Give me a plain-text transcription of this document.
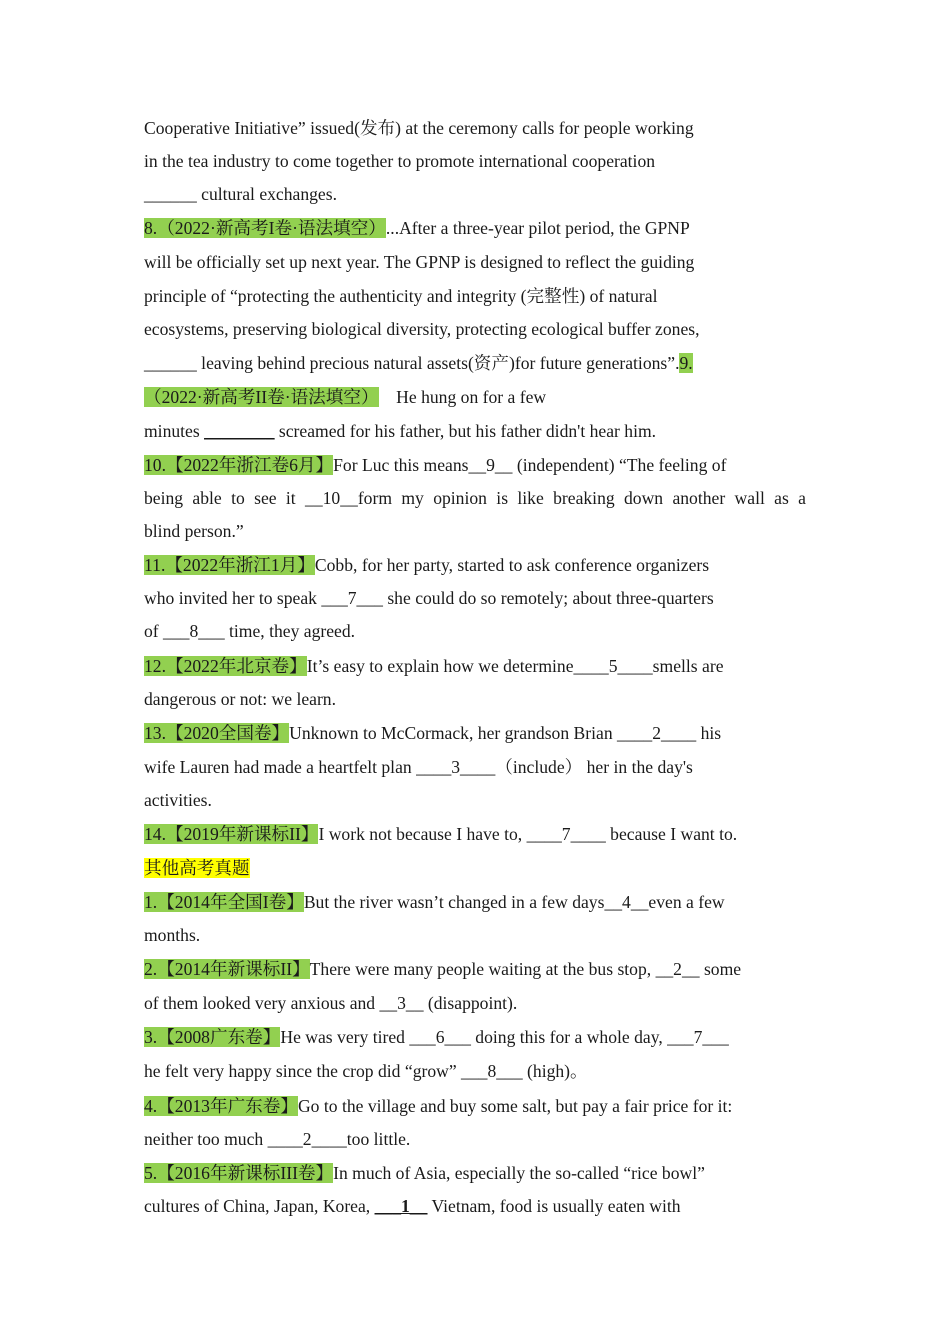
Cooperative Initiative” issued(发布) at the ceremony calls for people working
in the tea industry to come together to promote international cooperation
______ cultural exchanges.
8.（2022·新高考I卷·语法填空）...After a three-year pilot period, the GPNP
will be officially set up next year. The GPNP is designed to reflect the guiding
principle of “protecting the authenticity and integrity (完整性) of natural
ecosystems, preserving biological diversity, protecting ecological buffer zones,
______ leaving behind precious natural assets(资产)for future generations”.9.
（2022·新高考II卷·语法填空） He hung on for a few
minutes ________ screamed for his father, but his father didn't hear him.
10.【2022年浙江卷6月】For Luc this means__9__ (independent) “The feeling of
being able to see it __10__form my opinion is like breaking down another wall as a
blind person.”
11.【2022年浙江1月】Cobb, for her party, started to ask conference organizers
who invited her to speak ___7___ she could do so remotely; about three-quarters
of ___8___ time, they agreed.
12.【2022年北京卷】It’s easy to explain how we determine____5____smells are
dangerous or not: we learn.
13.【2020全国卷】Unknown to McCormack, her grandson Brian ____2____ his
wife Lauren had made a heartfelt plan ____3____（include） her in the day's
activities.
14.【2019年新课标II】I work not because I have to, ____7____ because I want to.
其他高考真题
1.【2014年全国I卷】But the river wasn’t changed in a few days__4__even a few
months.
2.【2014年新课标II】There were many people waiting at the bus stop, __2__ some
of them looked very anxious and __3__ (disappoint).
3.【2008广东卷】He was very tired ___6___ doing this for a whole day, ___7___
he felt very happy since the crop did “grow” ___8___ (high)。
4.【2013年广东卷】Go to the village and buy some salt, but pay a fair price for it:
neither too much ____2____too little.
5.【2016年新课标III卷】In much of Asia, especially the so-called “rice bowl”
cultures of China, Japan, Korea, ___1__ Vietnam, food is usually eaten with
